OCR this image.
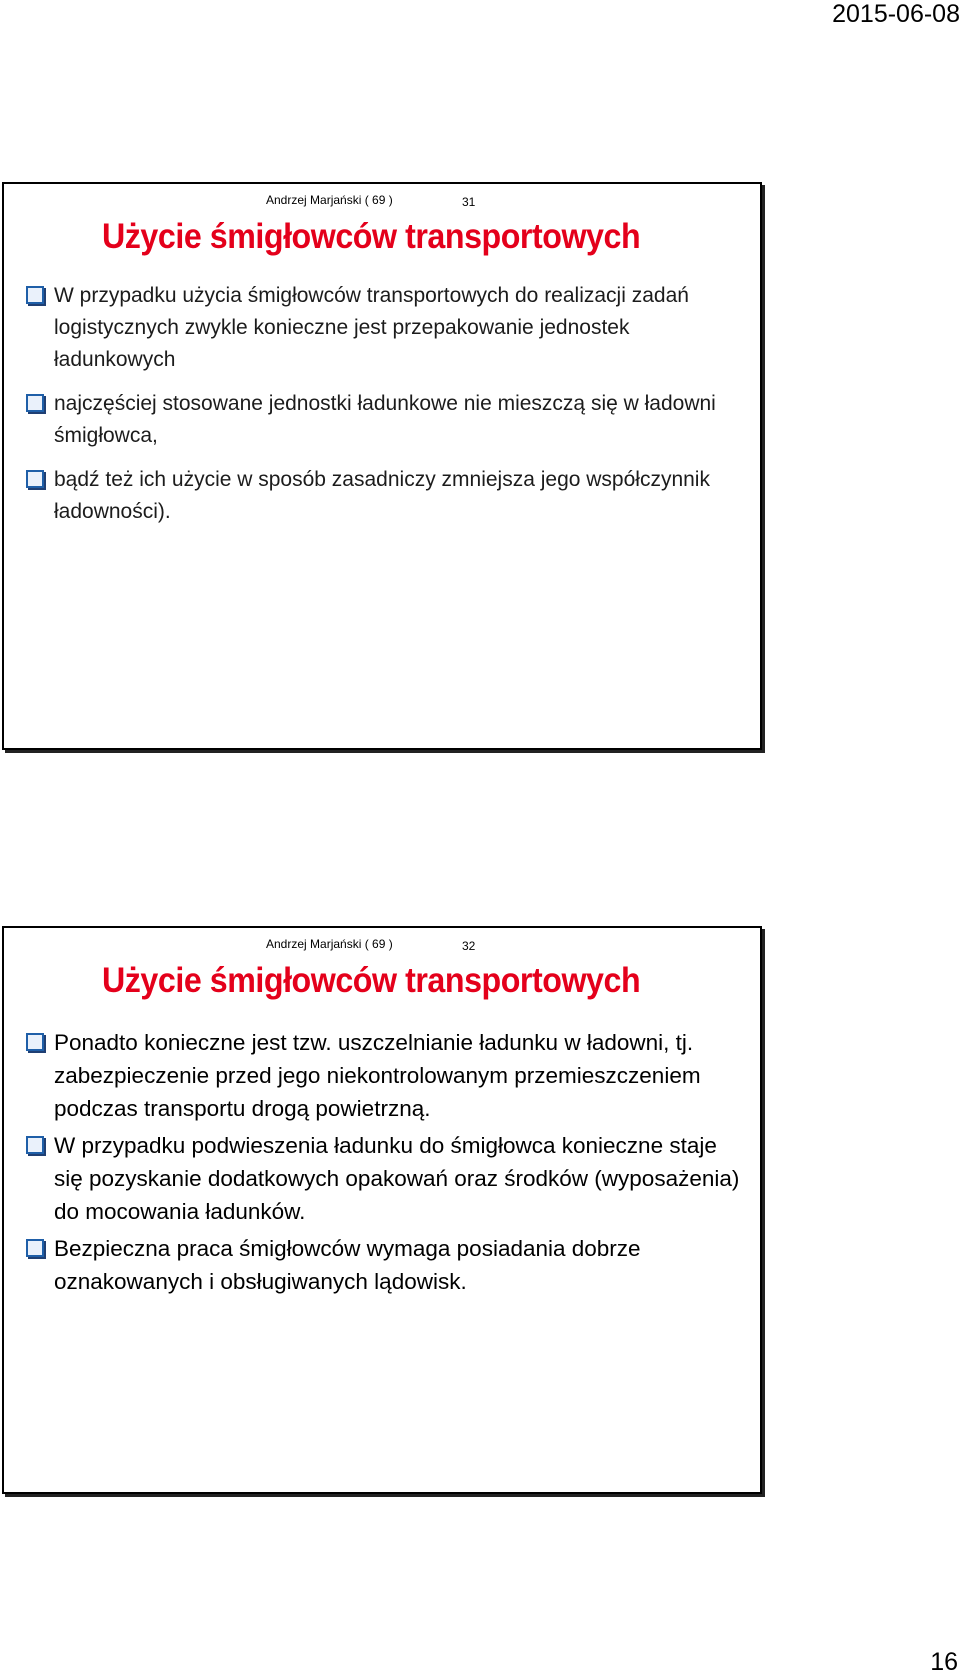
2015-06-08
Andrzej Marjański ( 69 )	31
Użycie śmigłowców transportowych
W przypadku użycia śmigłowców transportowych do realizacji zadań logistycznych zwykle konieczne jest przepakowanie jednostek ładunkowych
najczęściej stosowane jednostki ładunkowe nie mieszczą się w ładowni śmigłowca,
bądź też ich użycie w sposób zasadniczy zmniejsza jego współczynnik ładowności).
Andrzej Marjański ( 69 )	32
Użycie śmigłowców transportowych
Ponadto konieczne jest tzw. uszczelnianie ładunku w ładowni, tj. zabezpieczenie przed jego niekontrolowanym przemieszczeniem podczas transportu drogą powietrzną.
W przypadku podwieszenia ładunku do śmigłowca konieczne staje się pozyskanie dodatkowych opakowań oraz środków (wyposażenia) do mocowania ładunków.
Bezpieczna praca śmigłowców wymaga posiadania dobrze oznakowanych i obsługiwanych lądowisk.
16
